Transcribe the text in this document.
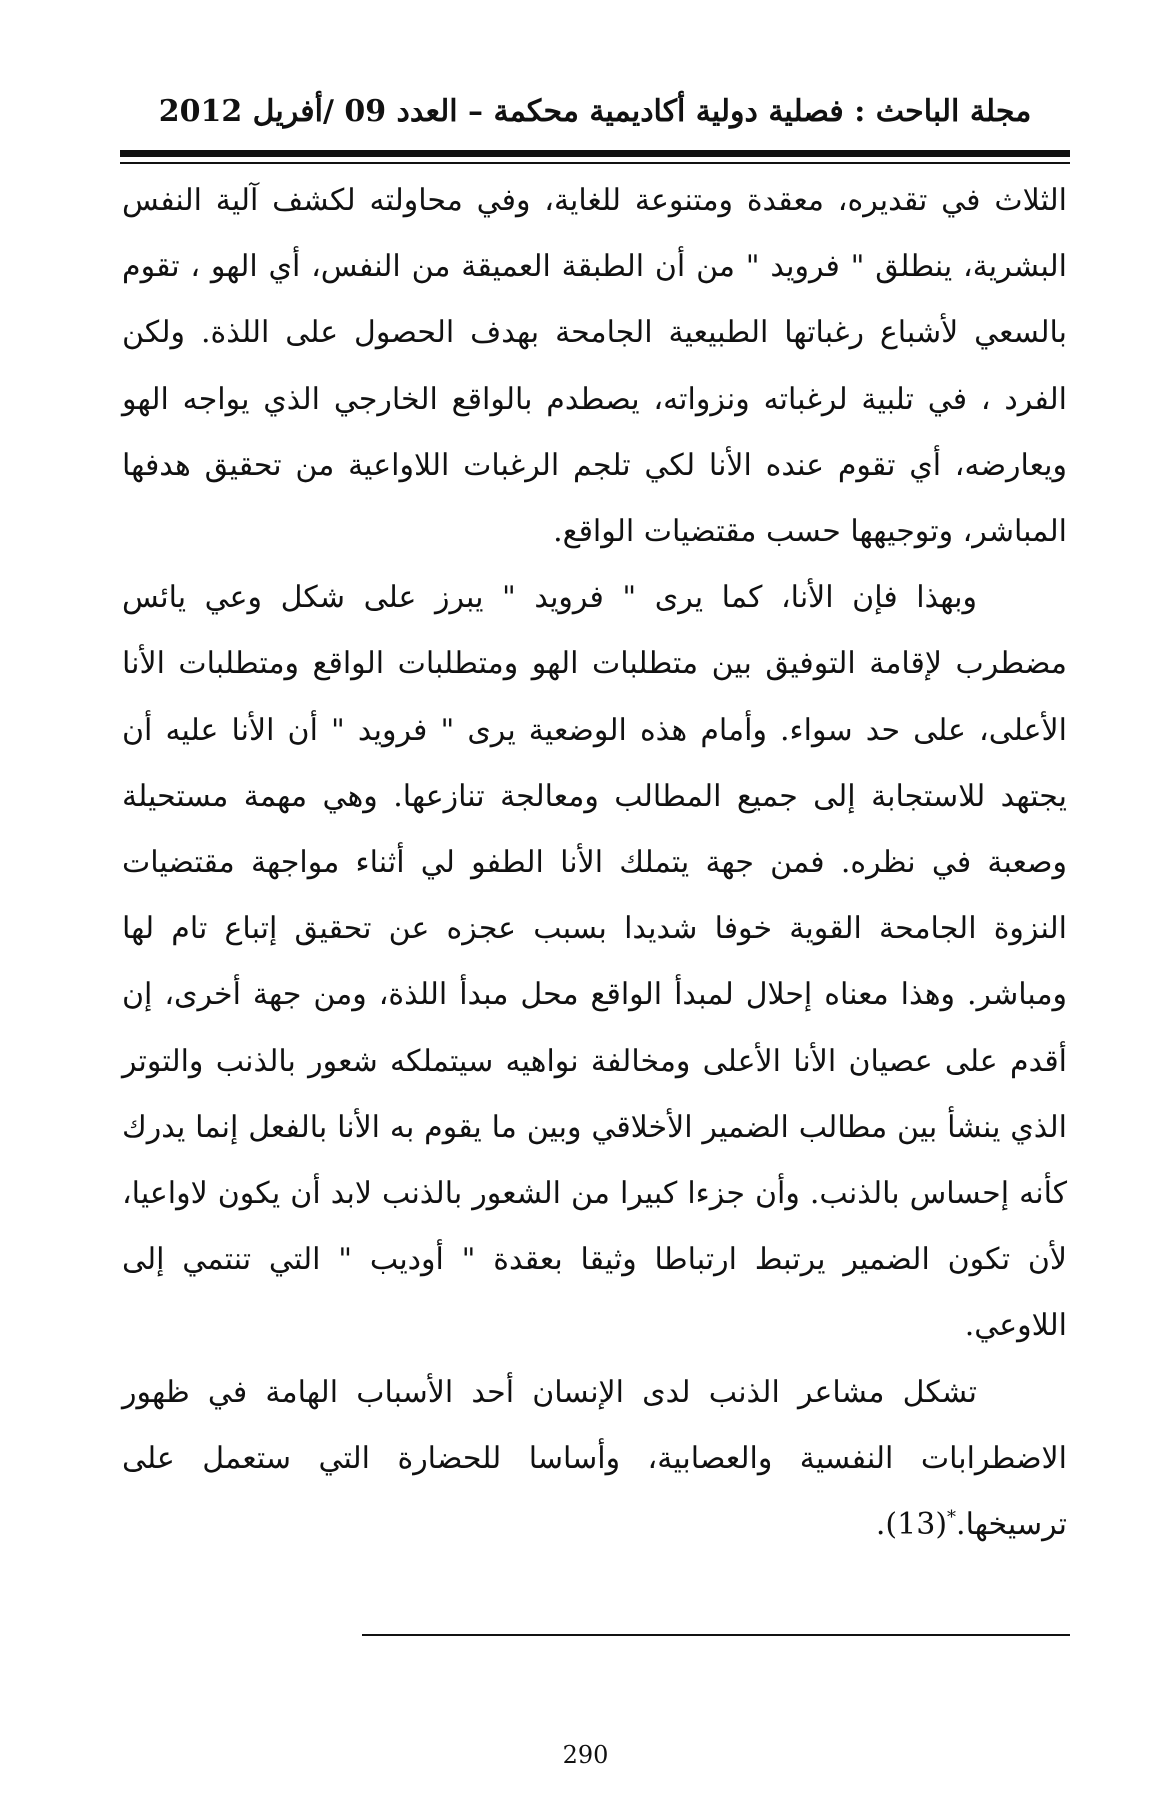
مجلة الباحث : فصلية دولية أكاديمية محكمة – العدد 09 /أفريل 2012

الثلاث في تقديره، معقدة ومتنوعة للغاية، وفي محاولته لكشف آلية النفس البشرية، ينطلق " فرويد " من أن الطبقة العميقة من النفس، أي الهو ، تقوم بالسعي لأشباع رغباتها الطبيعية الجامحة بهدف الحصول على اللذة. ولكن الفرد ، في تلبية لرغباته ونزواته، يصطدم بالواقع الخارجي الذي يواجه الهو ويعارضه، أي تقوم عنده الأنا لكي تلجم الرغبات اللاواعية من تحقيق هدفها المباشر، وتوجيهها حسب مقتضيات الواقع.

وبهذا فإن الأنا، كما يرى " فرويد " يبرز على شكل وعي يائس مضطرب لإقامة التوفيق بين متطلبات الهو ومتطلبات الواقع ومتطلبات الأنا الأعلى، على حد سواء. وأمام هذه الوضعية يرى " فرويد " أن الأنا عليه أن يجتهد للاستجابة إلى جميع المطالب ومعالجة تنازعها. وهي مهمة مستحيلة وصعبة في نظره. فمن جهة يتملك الأنا الطفو لي أثناء مواجهة مقتضيات النزوة الجامحة القوية خوفا شديدا بسبب عجزه عن تحقيق إتباع تام لها ومباشر. وهذا معناه إحلال لمبدأ الواقع محل مبدأ اللذة، ومن جهة أخرى، إن أقدم على عصيان الأنا الأعلى ومخالفة نواهيه سيتملكه شعور بالذنب والتوتر الذي ينشأ بين مطالب الضمير الأخلاقي وبين ما يقوم به الأنا بالفعل إنما يدرك كأنه إحساس بالذنب. وأن جزءا كبيرا من الشعور بالذنب لابد أن يكون لاواعيا، لأن تكون الضمير يرتبط ارتباطا وثيقا بعقدة " أوديب " التي تنتمي إلى اللاوعي.

تشكل مشاعر الذنب لدى الإنسان أحد الأسباب الهامة في ظهور الاضطرابات النفسية والعصابية، وأساسا للحضارة التي ستعمل على ترسيخها.*(13).

290
